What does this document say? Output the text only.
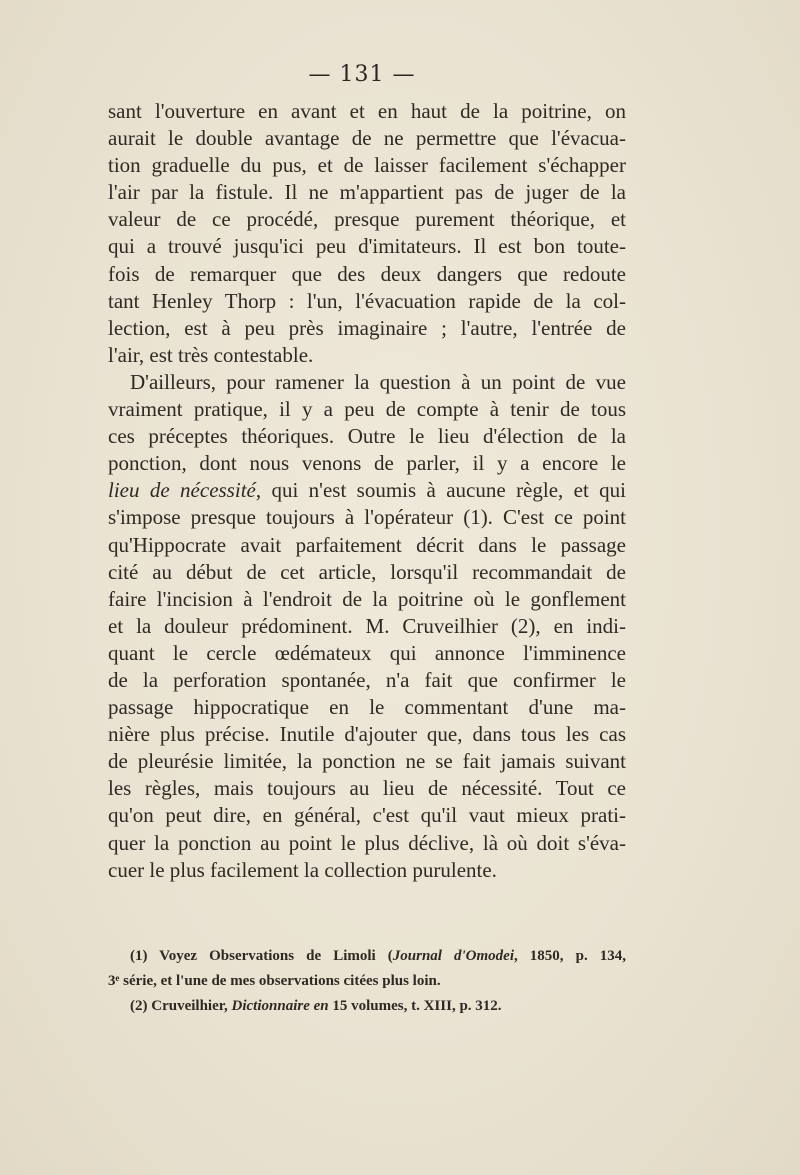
— 131 —
sant l'ouverture en avant et en haut de la poitrine, on
aurait le double avantage de ne permettre que l'évacua-
tion graduelle du pus, et de laisser facilement s'échapper
l'air par la fistule. Il ne m'appartient pas de juger de la
valeur de ce procédé, presque purement théorique, et
qui a trouvé jusqu'ici peu d'imitateurs. Il est bon toute-
fois de remarquer que des deux dangers que redoute
tant Henley Thorp : l'un, l'évacuation rapide de la col-
lection, est à peu près imaginaire ; l'autre, l'entrée de
l'air, est très contestable.
D'ailleurs, pour ramener la question à un point de vue
vraiment pratique, il y a peu de compte à tenir de tous
ces préceptes théoriques. Outre le lieu d'élection de la
ponction, dont nous venons de parler, il y a encore le
lieu de nécessité, qui n'est soumis à aucune règle, et qui
s'impose presque toujours à l'opérateur (1). C'est ce point
qu'Hippocrate avait parfaitement décrit dans le passage
cité au début de cet article, lorsqu'il recommandait de
faire l'incision à l'endroit de la poitrine où le gonflement
et la douleur prédominent. M. Cruveilhier (2), en indi-
quant le cercle œdémateux qui annonce l'imminence
de la perforation spontanée, n'a fait que confirmer le
passage hippocratique en le commentant d'une ma-
nière plus précise. Inutile d'ajouter que, dans tous les cas
de pleurésie limitée, la ponction ne se fait jamais suivant
les règles, mais toujours au lieu de nécessité. Tout ce
qu'on peut dire, en général, c'est qu'il vaut mieux prati-
quer la ponction au point le plus déclive, là où doit s'éva-
cuer le plus facilement la collection purulente.
(1) Voyez Observations de Limoli (Journal d'Omodei, 1850, p. 134,
3ᵉ série, et l'une de mes observations citées plus loin.
(2) Cruveilhier, Dictionnaire en 15 volumes, t. XIII, p. 312.
